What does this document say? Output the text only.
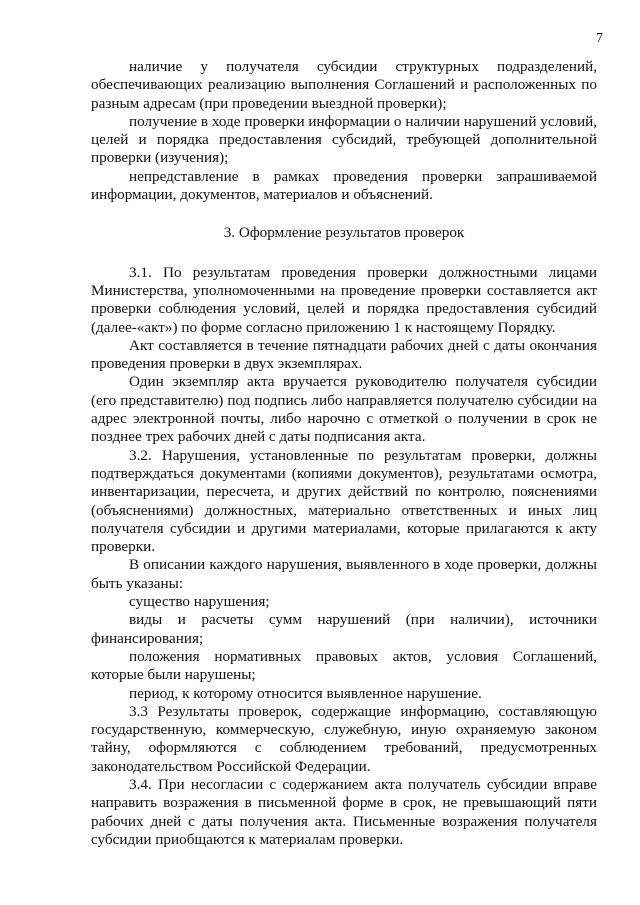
7

наличие у получателя субсидии структурных подразделений, обеспечивающих реализацию выполнения Соглашений и расположенных по разным адресам (при проведении выездной проверки);

получение в ходе проверки информации о наличии нарушений условий, целей и порядка предоставления субсидий, требующей дополнительной проверки (изучения);

непредставление в рамках проведения проверки запрашиваемой информации, документов, материалов и объяснений.

3. Оформление результатов проверок

3.1. По результатам проведения проверки должностными лицами Министерства, уполномоченными на проведение проверки составляется акт проверки соблюдения условий, целей и порядка предоставления субсидий (далее-«акт») по форме согласно приложению 1 к настоящему Порядку.

Акт составляется в течение пятнадцати рабочих дней с даты окончания проведения проверки в двух экземплярах.

Один экземпляр акта вручается руководителю получателя субсидии (его представителю) под подпись либо направляется получателю субсидии на адрес электронной почты, либо нарочно с отметкой о получении в срок не позднее трех рабочих дней с даты подписания акта.

3.2. Нарушения, установленные по результатам проверки, должны подтверждаться документами (копиями документов), результатами осмотра, инвентаризации, пересчета, и других действий по контролю, пояснениями (объяснениями) должностных, материально ответственных и иных лиц получателя субсидии и другими материалами, которые прилагаются к акту проверки.

В описании каждого нарушения, выявленного в ходе проверки, должны быть указаны:

существо нарушения;

виды и расчеты сумм нарушений (при наличии), источники финансирования;

положения нормативных правовых актов, условия Соглашений, которые были нарушены;

период, к которому относится выявленное нарушение.

3.3 Результаты проверок, содержащие информацию, составляющую государственную, коммерческую, служебную, иную охраняемую законом тайну, оформляются с соблюдением требований, предусмотренных законодательством Российской Федерации.

3.4. При несогласии с содержанием акта получатель субсидии вправе направить возражения в письменной форме в срок, не превышающий пяти рабочих дней с даты получения акта. Письменные возражения получателя субсидии приобщаются к материалам проверки.
